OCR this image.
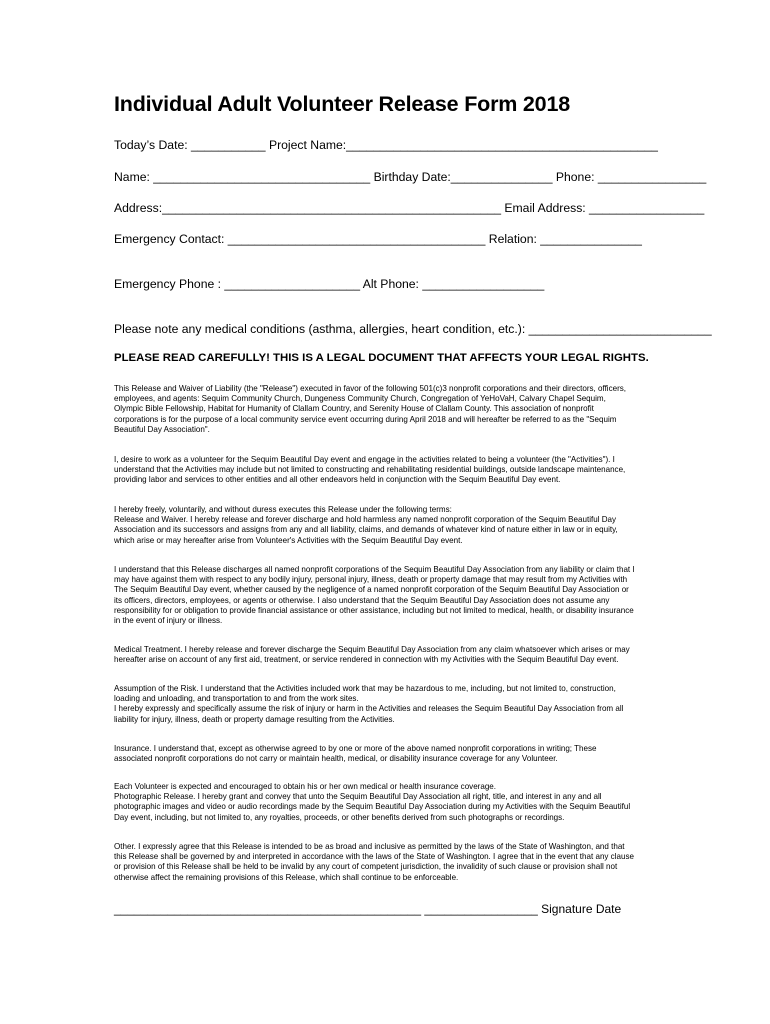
Individual Adult Volunteer Release Form 2018
Today’s Date: ___________ Project Name:______________________________________________
Name: ________________________________ Birthday Date:_______________ Phone: ________________
Address:__________________________________________________ Email Address: _________________
Emergency Contact: ______________________________________ Relation: _______________
Emergency Phone : ____________________ Alt Phone: __________________
Please note any medical conditions (asthma, allergies, heart condition, etc.): ___________________________

PLEASE READ CAREFULLY! THIS IS A LEGAL DOCUMENT THAT AFFECTS YOUR LEGAL RIGHTS.

This Release and Waiver of Liability (the "Release") executed in favor of the following 501(c)3 nonprofit corporations and their directors, officers,
employees, and agents: Sequim Community Church, Dungeness Community Church, Congregation of YeHoVaH, Calvary Chapel Sequim,
Olympic Bible Fellowship, Habitat for Humanity of Clallam Country, and Serenity House of Clallam County. This association of nonprofit
corporations is for the purpose of a local community service event occurring during April 2018 and will hereafter be referred to as the "Sequim
Beautiful Day Association".

I, desire to work as a volunteer for the Sequim Beautiful Day event and engage in the activities related to being a volunteer (the "Activities"). I
understand that the Activities may include but not limited to constructing and rehabilitating residential buildings, outside landscape maintenance,
providing labor and services to other entities and all other endeavors held in conjunction with the Sequim Beautiful Day event.

I hereby freely, voluntarily, and without duress executes this Release under the following terms:
Release and Waiver. I hereby release and forever discharge and hold harmless any named nonprofit corporation of the Sequim Beautiful Day
Association and its successors and assigns from any and all liability, claims, and demands of whatever kind of nature either in law or in equity,
which arise or may hereafter arise from Volunteer's Activities with the Sequim Beautiful Day event.

I understand that this Release discharges all named nonprofit corporations of the Sequim Beautiful Day Association from any liability or claim that I
may have against them with respect to any bodily injury, personal injury, illness, death or property damage that may result from my Activities with
The Sequim Beautiful Day event, whether caused by the negligence of a named nonprofit corporation of the Sequim Beautiful Day Association or
its officers, directors, employees, or agents or otherwise. I also understand that the Sequim Beautiful Day Association does not assume any
responsibility for or obligation to provide financial assistance or other assistance, including but not limited to medical, health, or disability insurance
in the event of injury or illness.

Medical Treatment. I hereby release and forever discharge the Sequim Beautiful Day Association from any claim whatsoever which arises or may
hereafter arise on account of any first aid, treatment, or service rendered in connection with my Activities with the Sequim Beautiful Day event.

Assumption of the Risk. I understand that the Activities included work that may be hazardous to me, including, but not limited to, construction,
loading and unloading, and transportation to and from the work sites.
I hereby expressly and specifically assume the risk of injury or harm in the Activities and releases the Sequim Beautiful Day Association from all
liability for injury, illness, death or property damage resulting from the Activities.

Insurance. I understand that, except as otherwise agreed to by one or more of the above named nonprofit corporations in writing; These
associated nonprofit corporations do not carry or maintain health, medical, or disability insurance coverage for any Volunteer.

Each Volunteer is expected and encouraged to obtain his or her own medical or health insurance coverage.
Photographic Release. I hereby grant and convey that unto the Sequim Beautiful Day Association all right, title, and interest in any and all
photographic images and video or audio recordings made by the Sequim Beautiful Day Association during my Activities with the Sequim Beautiful
Day event, including, but not limited to, any royalties, proceeds, or other benefits derived from such photographs or recordings.

Other. I expressly agree that this Release is intended to be as broad and inclusive as permitted by the laws of the State of Washington, and that
this Release shall be governed by and interpreted in accordance with the laws of the State of Washington. I agree that in the event that any clause
or provision of this Release shall be held to be invalid by any court of competent jurisdiction, the invalidity of such clause or provision shall not
otherwise affect the remaining provisions of this Release, which shall continue to be enforceable.

______________________________________________ _________________ Signature Date
